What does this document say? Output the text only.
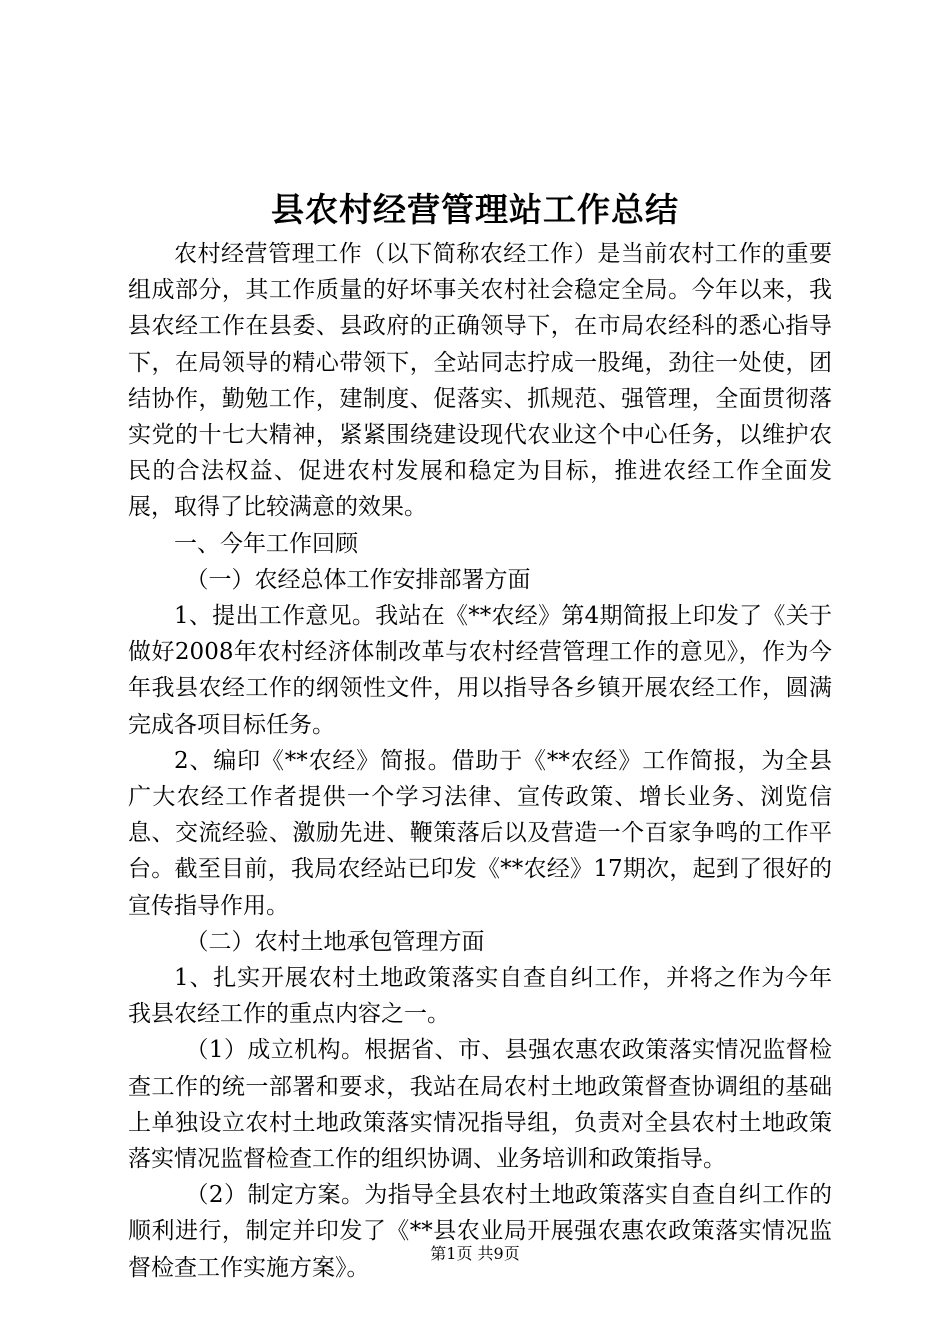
县农村经营管理站工作总结

农村经营管理工作（以下简称农经工作）是当前农村工作的重要组成部分，其工作质量的好坏事关农村社会稳定全局。今年以来，我县农经工作在县委、县政府的正确领导下，在市局农经科的悉心指导下，在局领导的精心带领下，全站同志拧成一股绳，劲往一处使，团结协作，勤勉工作，建制度、促落实、抓规范、强管理，全面贯彻落实党的十七大精神，紧紧围绕建设现代农业这个中心任务，以维护农民的合法权益、促进农村发展和稳定为目标，推进农经工作全面发展，取得了比较满意的效果。

一、今年工作回顾

（一）农经总体工作安排部署方面

1、提出工作意见。我站在《**农经》第4期简报上印发了《关于做好2008年农村经济体制改革与农村经营管理工作的意见》，作为今年我县农经工作的纲领性文件，用以指导各乡镇开展农经工作，圆满完成各项目标任务。

2、编印《**农经》简报。借助于《**农经》工作简报，为全县广大农经工作者提供一个学习法律、宣传政策、增长业务、浏览信息、交流经验、激励先进、鞭策落后以及营造一个百家争鸣的工作平台。截至目前，我局农经站已印发《**农经》17期次，起到了很好的宣传指导作用。

（二）农村土地承包管理方面

1、扎实开展农村土地政策落实自查自纠工作，并将之作为今年我县农经工作的重点内容之一。

（1）成立机构。根据省、市、县强农惠农政策落实情况监督检查工作的统一部署和要求，我站在局农村土地政策督查协调组的基础上单独设立农村土地政策落实情况指导组，负责对全县农村土地政策落实情况监督检查工作的组织协调、业务培训和政策指导。

（2）制定方案。为指导全县农村土地政策落实自查自纠工作的顺利进行，制定并印发了《**县农业局开展强农惠农政策落实情况监督检查工作实施方案》。

第1页 共9页
